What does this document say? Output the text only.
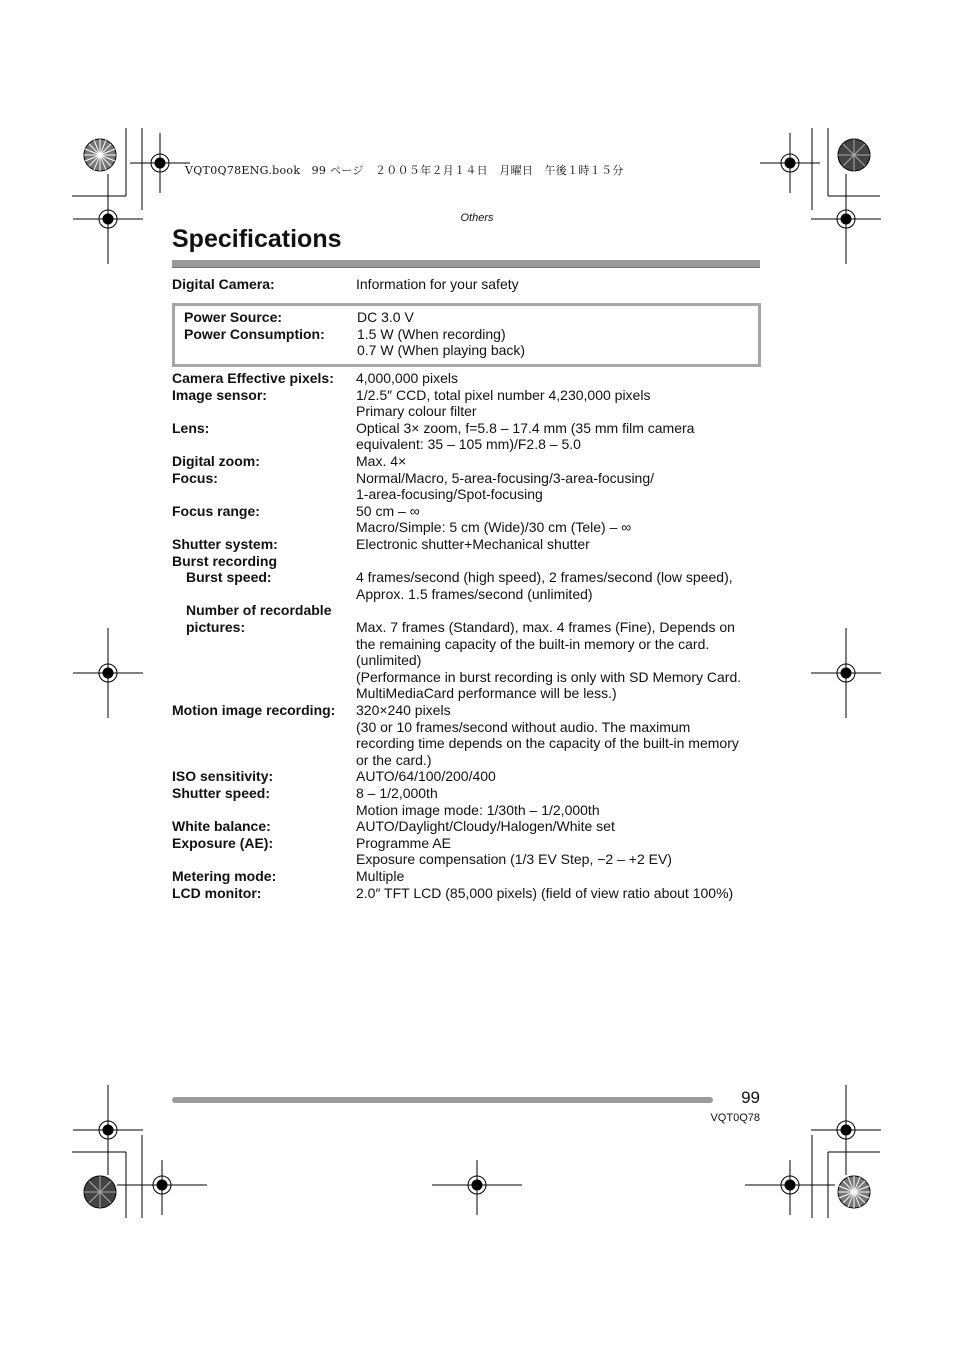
VQT0Q78ENG.book　99 ページ　２００５年２月１４日　月曜日　午後１時１５分
Others
Specifications
Digital Camera:	Information for your safety
Power Source:	DC 3.0 V
Power Consumption: 1.5 W (When recording)
0.7 W (When playing back)
Camera Effective pixels: 4,000,000 pixels
Image sensor:	1/2.5″ CCD, total pixel number 4,230,000 pixels
Primary colour filter
Lens:	Optical 3× zoom, f=5.8 – 17.4 mm (35 mm film camera
equivalent: 35 – 105 mm)/F2.8 – 5.0
Digital zoom:	Max. 4×
Focus:	Normal/Macro, 5-area-focusing/3-area-focusing/
1-area-focusing/Spot-focusing
Focus range:	50 cm – ∞
Macro/Simple: 5 cm (Wide)/30 cm (Tele) – ∞
Shutter system:	Electronic shutter+Mechanical shutter
Burst recording
Burst speed:	4 frames/second (high speed), 2 frames/second (low speed),
Approx. 1.5 frames/second (unlimited)
Number of recordable
pictures:	Max. 7 frames (Standard), max. 4 frames (Fine), Depends on
the remaining capacity of the built-in memory or the card.
(unlimited)
(Performance in burst recording is only with SD Memory Card.
MultiMediaCard performance will be less.)
Motion image recording: 320×240 pixels
(30 or 10 frames/second without audio. The maximum
recording time depends on the capacity of the built-in memory
or the card.)
ISO sensitivity:	AUTO/64/100/200/400
Shutter speed:	8 – 1/2,000th
Motion image mode: 1/30th – 1/2,000th
White balance:	AUTO/Daylight/Cloudy/Halogen/White set
Exposure (AE):	Programme AE
Exposure compensation (1/3 EV Step, −2 – +2 EV)
Metering mode:	Multiple
LCD monitor:	2.0″ TFT LCD (85,000 pixels) (field of view ratio about 100%)
99
VQT0Q78
